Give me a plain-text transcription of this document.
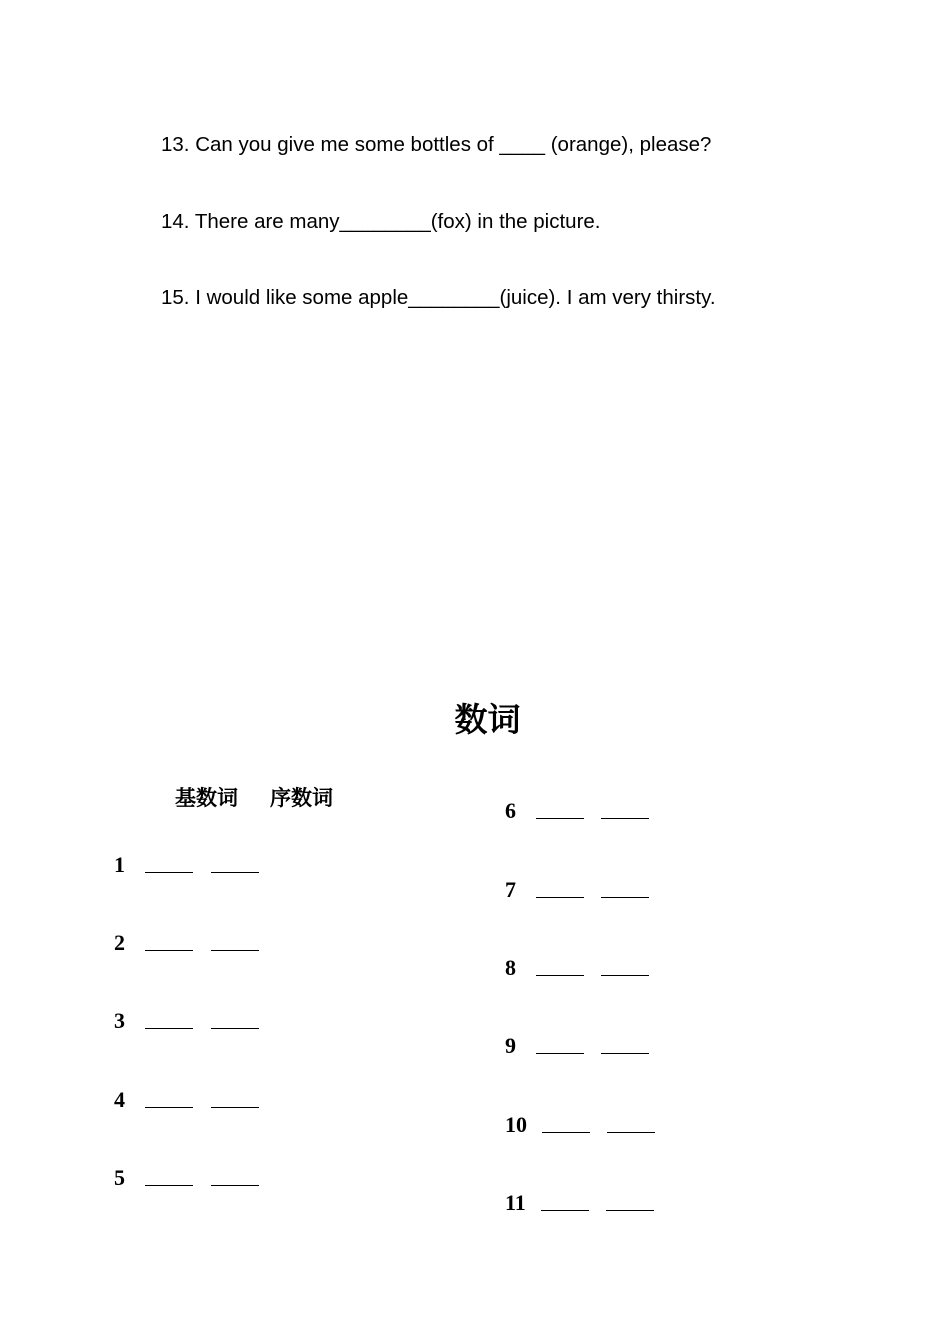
13. Can you give me some bottles of ____ (orange), please?
14. There are many________(fox) in the picture.
15. I would like some apple________(juice). I am very thirsty.
数词
基数词 序数词
1
2
3
4
5
6
7
8
9
10
11
